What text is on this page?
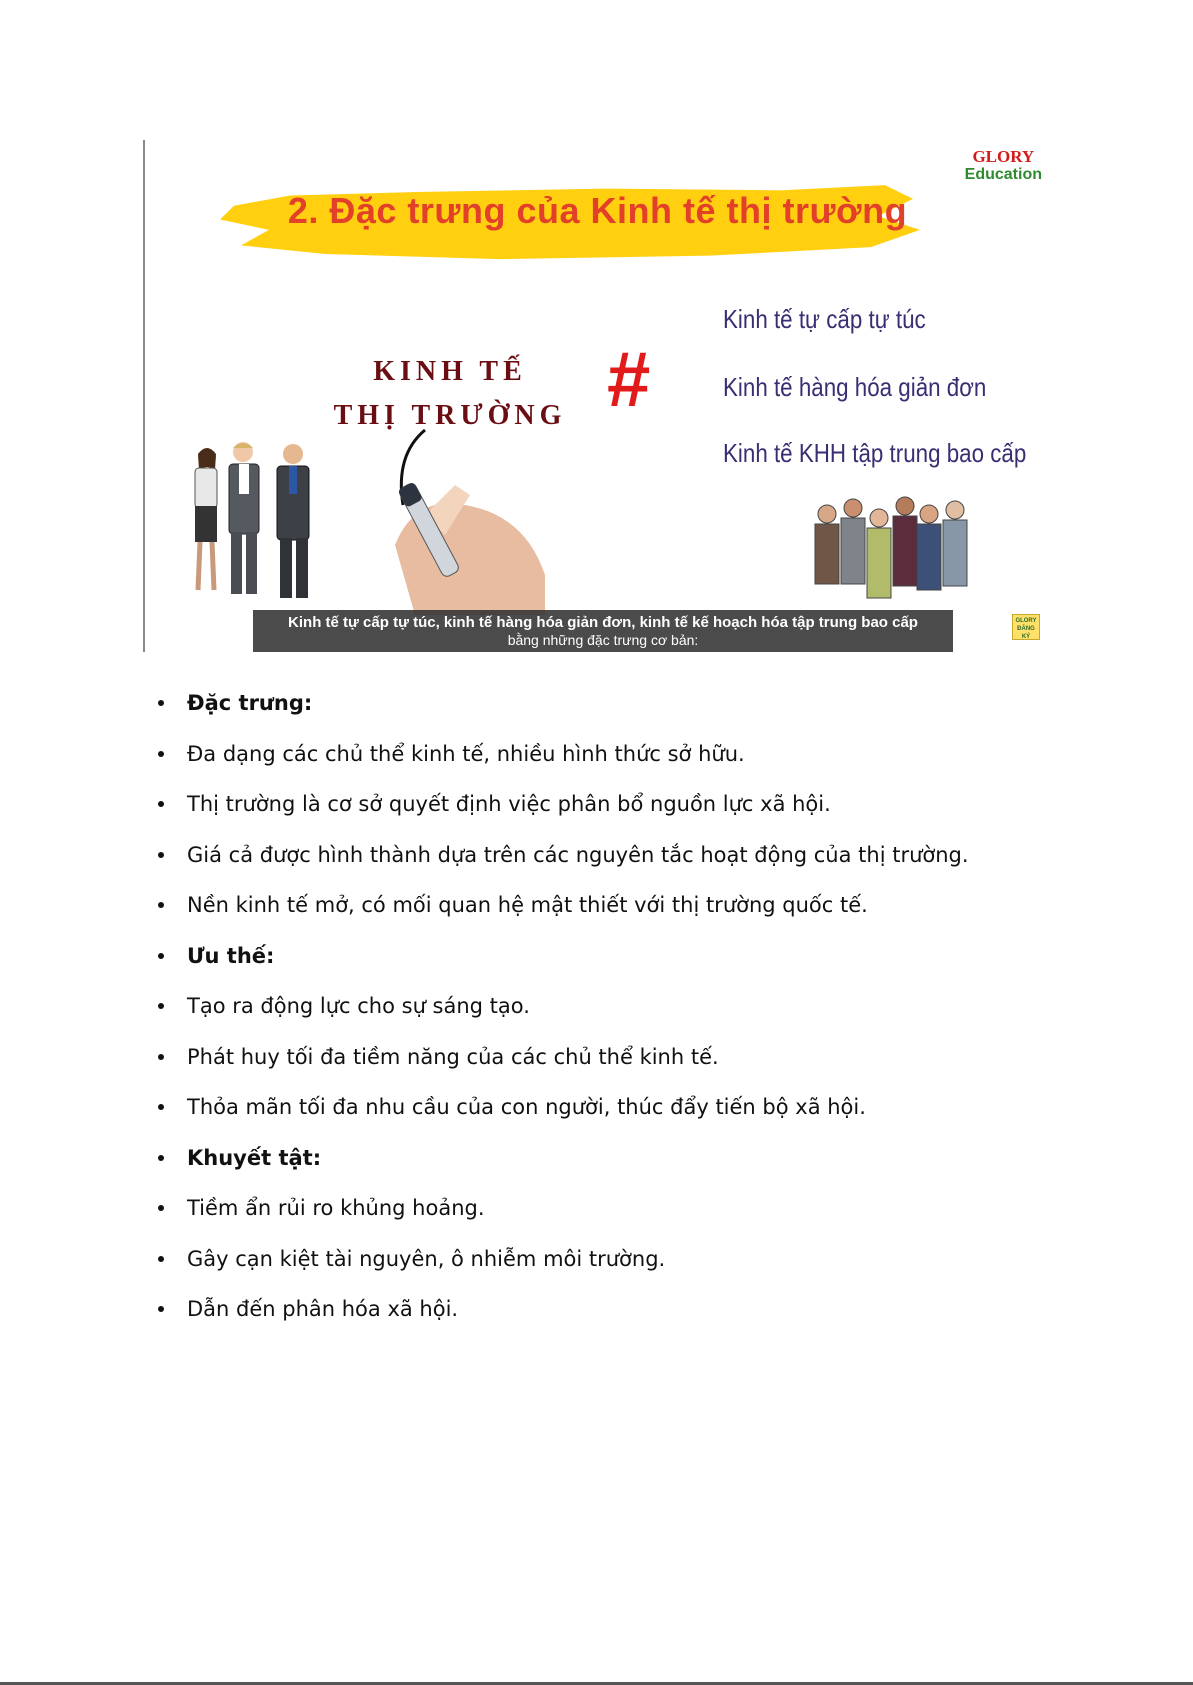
2. Đặc trưng của Kinh tế thị trường
GLORY
Education
KINH TẾ
THỊ TRƯỜNG #
Kinh tế tự cấp tự túc
Kinh tế hàng hóa giản đơn
Kinh tế KHH tập trung bao cấp
Kinh tế tự cấp tự túc, kinh tế hàng hóa giản đơn, kinh tế kế hoạch hóa tập trung bao cấp
bằng những đặc trưng cơ bản:
GLORY
ĐĂNG KÝ
Đặc trưng:
Đa dạng các chủ thể kinh tế, nhiều hình thức sở hữu.
Thị trường là cơ sở quyết định việc phân bổ nguồn lực xã hội.
Giá cả được hình thành dựa trên các nguyên tắc hoạt động của thị trường.
Nền kinh tế mở, có mối quan hệ mật thiết với thị trường quốc tế.
Ưu thế:
Tạo ra động lực cho sự sáng tạo.
Phát huy tối đa tiềm năng của các chủ thể kinh tế.
Thỏa mãn tối đa nhu cầu của con người, thúc đẩy tiến bộ xã hội.
Khuyết tật:
Tiềm ẩn rủi ro khủng hoảng.
Gây cạn kiệt tài nguyên, ô nhiễm môi trường.
Dẫn đến phân hóa xã hội.
